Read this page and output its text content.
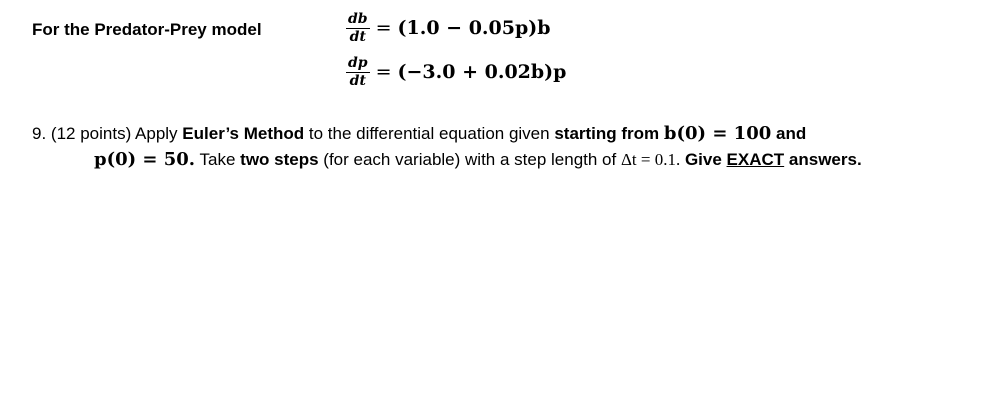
For the Predator-Prey model	$\frac{db}{dt} = (1.0 - 0.05p)b$
$\frac{dp}{dt} = (-3.0 + 0.02b)p$
9. (12 points) Apply Euler’s Method to the differential equation given starting from b(0) = 100 and
p(0) = 50. Take two steps (for each variable) with a step length of Δt = 0.1. Give EXACT answers.
